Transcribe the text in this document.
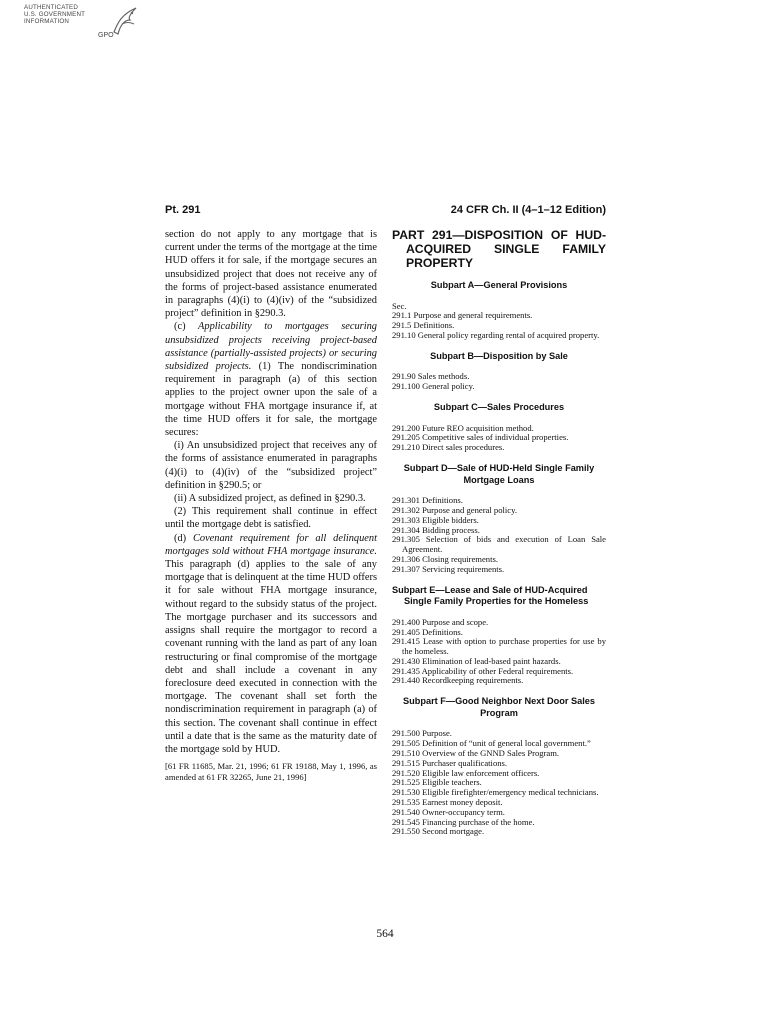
AUTHENTICATED
U.S. GOVERNMENT
INFORMATION
GPO
Pt. 291	24 CFR Ch. II (4–1–12 Edition)

section do not apply to any mortgage that is current under the terms of the mortgage at the time HUD offers it for sale, if the mortgage secures an unsubsidized project that does not receive any of the forms of project-based assistance enumerated in paragraphs (4)(i) to (4)(iv) of the “subsidized project” definition in §290.3.

(c) Applicability to mortgages securing unsubsidized projects receiving project-based assistance (partially-assisted projects) or securing subsidized projects. (1) The nondiscrimination requirement in paragraph (a) of this section applies to the project owner upon the sale of a mortgage without FHA mortgage insurance if, at the time HUD offers it for sale, the mortgage secures:

(i) An unsubsidized project that receives any of the forms of assistance enumerated in paragraphs (4)(i) to (4)(iv) of the “subsidized project” definition in §290.5; or

(ii) A subsidized project, as defined in §290.3.

(2) This requirement shall continue in effect until the mortgage debt is satisfied.

(d) Covenant requirement for all delinquent mortgages sold without FHA mortgage insurance. This paragraph (d) applies to the sale of any mortgage that is delinquent at the time HUD offers it for sale without FHA mortgage insurance, without regard to the subsidy status of the project. The mortgage purchaser and its successors and assigns shall require the mortgagor to record a covenant running with the land as part of any loan restructuring or final compromise of the mortgage debt and shall include a covenant in any foreclosure deed executed in connection with the mortgage. The covenant shall set forth the nondiscrimination requirement in paragraph (a) of this section. The covenant shall continue in effect until a date that is the same as the maturity date of the mortgage sold by HUD.

[61 FR 11685, Mar. 21, 1996; 61 FR 19188, May 1, 1996, as amended at 61 FR 32265, June 21, 1996]

PART 291—DISPOSITION OF HUD-ACQUIRED SINGLE FAMILY PROPERTY
Subpart A—General Provisions
Sec.
291.1 Purpose and general requirements.
291.5 Definitions.
291.10 General policy regarding rental of acquired property.
Subpart B—Disposition by Sale
291.90 Sales methods.
291.100 General policy.
Subpart C—Sales Procedures
291.200 Future REO acquisition method.
291.205 Competitive sales of individual properties.
291.210 Direct sales procedures.
Subpart D—Sale of HUD-Held Single Family Mortgage Loans
291.301 Definitions.
291.302 Purpose and general policy.
291.303 Eligible bidders.
291.304 Bidding process.
291.305 Selection of bids and execution of Loan Sale Agreement.
291.306 Closing requirements.
291.307 Servicing requirements.
Subpart E—Lease and Sale of HUD-Acquired Single Family Properties for the Homeless
291.400 Purpose and scope.
291.405 Definitions.
291.415 Lease with option to purchase properties for use by the homeless.
291.430 Elimination of lead-based paint hazards.
291.435 Applicability of other Federal requirements.
291.440 Recordkeeping requirements.
Subpart F—Good Neighbor Next Door Sales Program
291.500 Purpose.
291.505 Definition of “unit of general local government.”
291.510 Overview of the GNND Sales Program.
291.515 Purchaser qualifications.
291.520 Eligible law enforcement officers.
291.525 Eligible teachers.
291.530 Eligible firefighter/emergency medical technicians.
291.535 Earnest money deposit.
291.540 Owner-occupancy term.
291.545 Financing purchase of the home.
291.550 Second mortgage.
564
